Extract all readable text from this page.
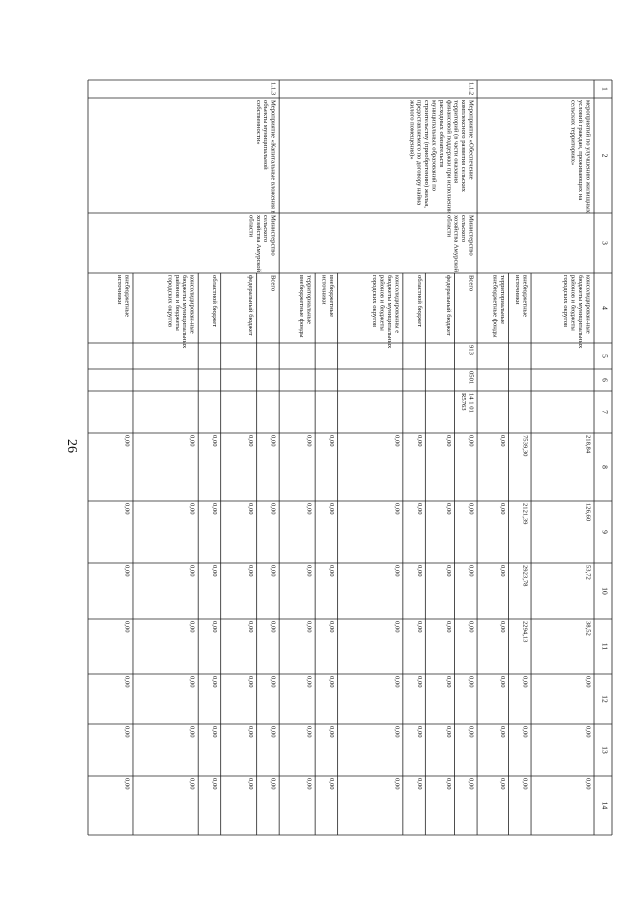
26
1
2
3
4
5
6
7
8
9
10
11
12
13
14
мероприятий по улучшению жилищныхусловий граждан, проживающих насельских территориях»
консолидирован-ныебюджеты муниципальныхрайонов и бюджетыгородских округов
218,84
126,60
53,72
38,52
0,00
0,00
0,00
внебюджетныеисточники
7539,30
2121,39
2923,78
2294,13
0,00
0,00
0,00
территориальныевнебюджетные фонды
0,00
0,00
0,00
0,00
0,00
0,00
0,00
1.1.2
Мероприятие «Обеспечениекомплексного развития сельскихтерриторий (в части оказанияфинансовой поддержки при исполнениирасходных обязательствмуниципальных образований построительству (приобретению) жилья,предоставляемого по договору наймажилого помещения)»
Министерствосельскогохозяйства Амурскойобласти
Всего
913
0501
14 1 01R5763
0,00
0,00
0,00
0,00
0,00
0,00
0,00
федеральный бюджет
0,00
0,00
0,00
0,00
0,00
0,00
0,00
областной бюджет
0,00
0,00
0,00
0,00
0,00
0,00
0,00
консолидированны ебюджеты муниципальныхрайонов и бюджетыгородских округов
0,00
0,00
0,00
0,00
0,00
0,00
0,00
внебюджетныеисточники
0,00
0,00
0,00
0,00
0,00
0,00
0,00
территориальныевнебюджетные фонды
0,00
0,00
0,00
0,00
0,00
0,00
0,00
1.1.3
Мероприятие «Капитальные вложения вобъекты муниципальнойсобственности»
Министерствосельскогохозяйства Амурскойобласти
Всего
0,00
0,00
0,00
0,00
0,00
0,00
0,00
федеральный бюджет
0,00
0,00
0,00
0,00
0,00
0,00
0,00
областной бюджет
0,00
0,00
0,00
0,00
0,00
0,00
0,00
консолидирован-ныебюджеты муниципальныхрайонов и бюджетыгородских округов
0,00
0,00
0,00
0,00
0,00
0,00
0,00
внебюджетныеисточники
0,00
0,00
0,00
0,00
0,00
0,00
0,00
